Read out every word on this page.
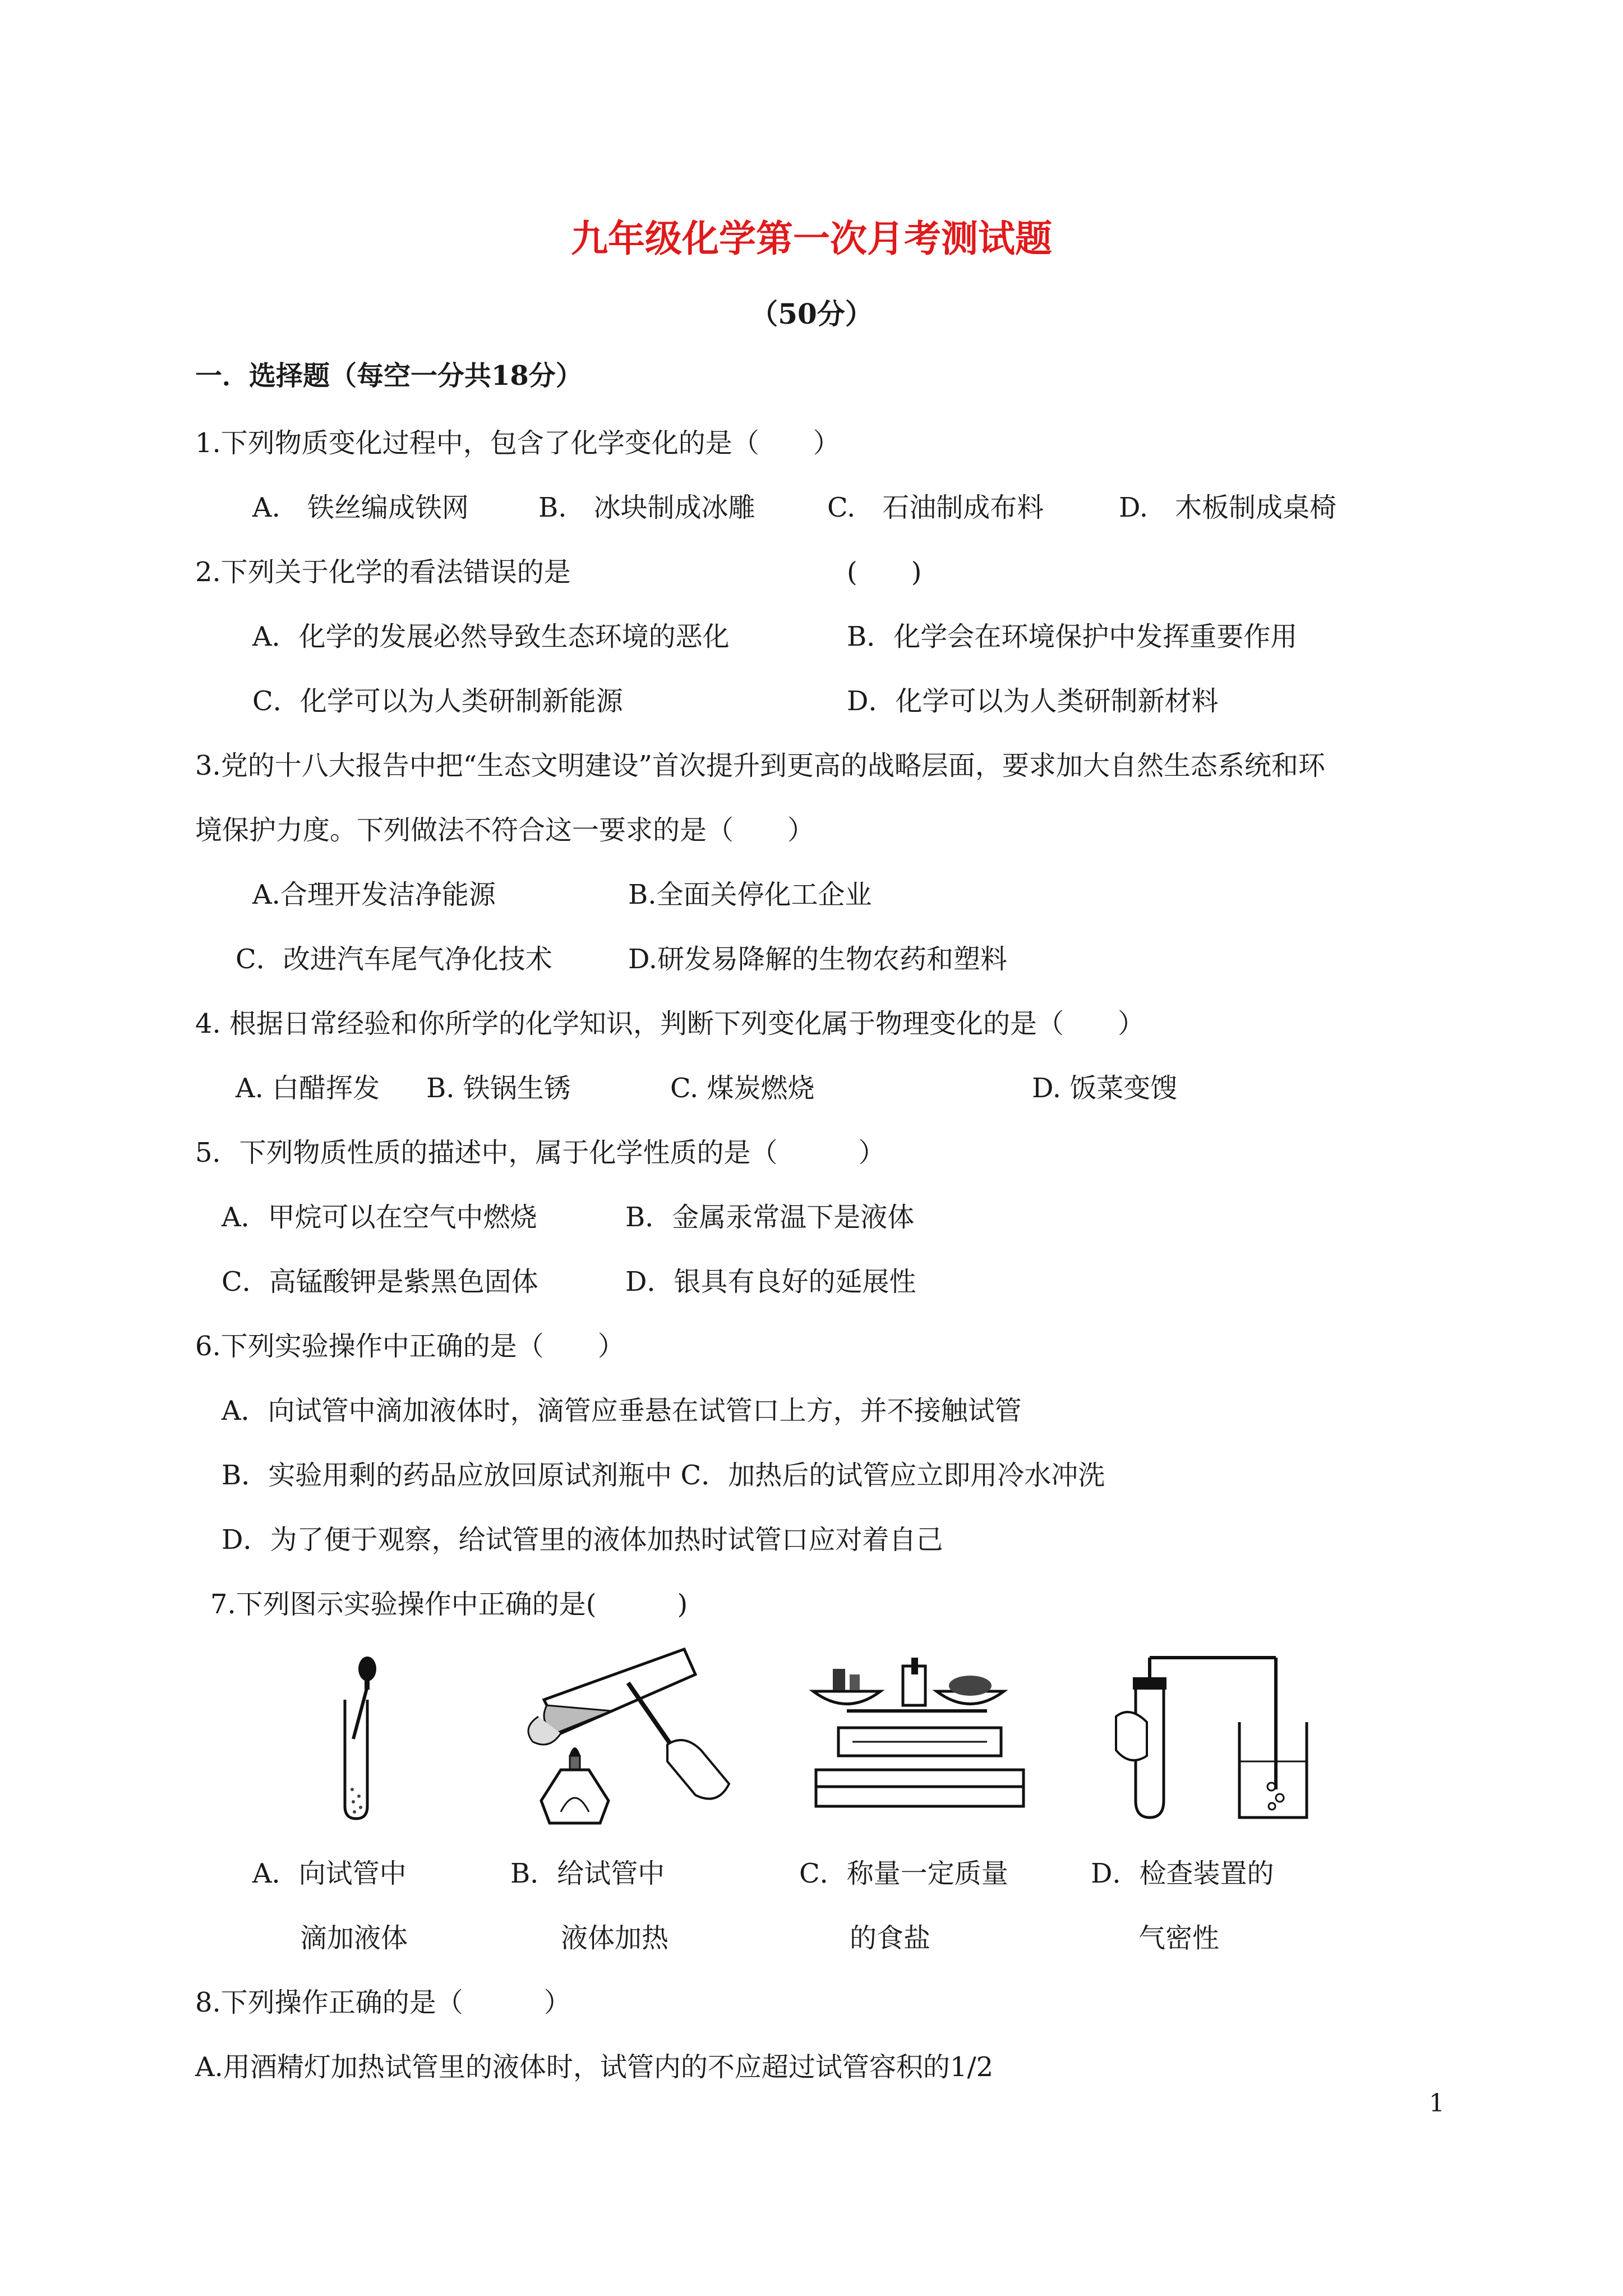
九年级化学第一次月考测试题
（50分）
一．选择题（每空一分共18分）
1.下列物质变化过程中，包含了化学变化的是（　　）
A.　铁丝编成铁网	B.　冰块制成冰雕	C.　石油制成布料	D.　木板制成桌椅
2.下列关于化学的看法错误的是	(　　)
A．化学的发展必然导致生态环境的恶化	B．化学会在环境保护中发挥重要作用
C．化学可以为人类研制新能源	D．化学可以为人类研制新材料
3.党的十八大报告中把“生态文明建设”首次提升到更高的战略层面，要求加大自然生态系统和环
境保护力度。下列做法不符合这一要求的是（　　）
A.合理开发洁净能源	B.全面关停化工企业
C．改进汽车尾气净化技术	D.研发易降解的生物农药和塑料
4. 根据日常经验和你所学的化学知识，判断下列变化属于物理变化的是（　　）
A. 白醋挥发 B. 铁锅生锈	C. 煤炭燃烧	D. 饭菜变馊
5．下列物质性质的描述中，属于化学性质的是（　　　）
A．甲烷可以在空气中燃烧	B．金属汞常温下是液体
C．高锰酸钾是紫黑色固体	D．银具有良好的延展性
6.下列实验操作中正确的是（　　）
A．向试管中滴加液体时，滴管应垂悬在试管口上方，并不接触试管
B．实验用剩的药品应放回原试剂瓶中 C．加热后的试管应立即用冷水冲洗
D．为了便于观察，给试管里的液体加热时试管口应对着自己
7.下列图示实验操作中正确的是(　　　)
A．向试管中
滴加液体
B．给试管中
液体加热
C．称量一定质量
的食盐
D．检查装置的
气密性
8.下列操作正确的是（　　　）
A.用酒精灯加热试管里的液体时，试管内的不应超过试管容积的1/2
1
